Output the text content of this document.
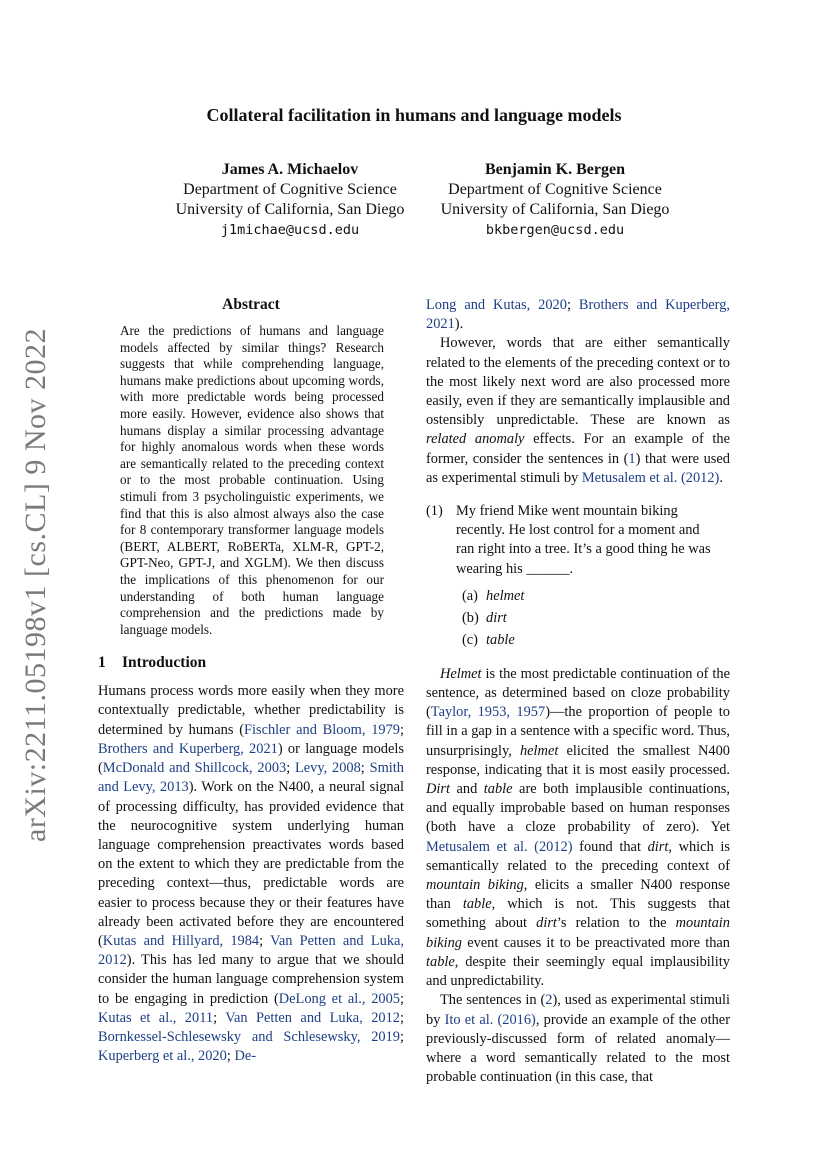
arXiv:2211.05198v1 [cs.CL] 9 Nov 2022
Collateral facilitation in humans and language models
James A. Michaelov
Department of Cognitive Science
University of California, San Diego
j1michae@ucsd.edu
Benjamin K. Bergen
Department of Cognitive Science
University of California, San Diego
bkbergen@ucsd.edu
Abstract

Are the predictions of humans and language models affected by similar things? Research suggests that while comprehending language, humans make predictions about upcoming words, with more predictable words being processed more easily. However, evidence also shows that humans display a similar processing advantage for highly anomalous words when these words are semantically related to the preceding context or to the most probable continuation. Using stimuli from 3 psycholinguistic experiments, we find that this is also almost always also the case for 8 contemporary transformer language models (BERT, ALBERT, RoBERTa, XLM-R, GPT-2, GPT-Neo, GPT-J, and XGLM). We then discuss the implications of this phenomenon for our understanding of both human language comprehension and the predictions made by language models.

1 Introduction

Humans process words more easily when they more contextually predictable, whether predictability is determined by humans (Fischler and Bloom, 1979; Brothers and Kuperberg, 2021) or language models (McDonald and Shillcock, 2003; Levy, 2008; Smith and Levy, 2013). Work on the N400, a neural signal of processing difficulty, has provided evidence that the neurocognitive system underlying human language comprehension preactivates words based on the extent to which they are predictable from the preceding context—thus, predictable words are easier to process because they or their features have already been activated before they are encountered (Kutas and Hillyard, 1984; Van Petten and Luka, 2012). This has led many to argue that we should consider the human language comprehension system to be engaging in prediction (DeLong et al., 2005; Kutas et al., 2011; Van Petten and Luka, 2012; Bornkessel-Schlesewsky and Schlesewsky, 2019; Kuperberg et al., 2020; De-

Long and Kutas, 2020; Brothers and Kuperberg, 2021).

However, words that are either semantically related to the elements of the preceding context or to the most likely next word are also processed more easily, even if they are semantically implausible and ostensibly unpredictable. These are known as related anomaly effects. For an example of the former, consider the sentences in (1) that were used as experimental stimuli by Metusalem et al. (2012).

(1) My friend Mike went mountain biking recently. He lost control for a moment and ran right into a tree. It’s a good thing he was wearing his ______.
(a) helmet
(b) dirt
(c) table

Helmet is the most predictable continuation of the sentence, as determined based on cloze probability (Taylor, 1953, 1957)—the proportion of people to fill in a gap in a sentence with a specific word. Thus, unsurprisingly, helmet elicited the smallest N400 response, indicating that it is most easily processed. Dirt and table are both implausible continuations, and equally improbable based on human responses (both have a cloze probability of zero). Yet Metusalem et al. (2012) found that dirt, which is semantically related to the preceding context of mountain biking, elicits a smaller N400 response than table, which is not. This suggests that something about dirt’s relation to the mountain biking event causes it to be preactivated more than table, despite their seemingly equal implausibility and unpredictability.

The sentences in (2), used as experimental stimuli by Ito et al. (2016), provide an example of the other previously-discussed form of related anomaly—where a word semantically related to the most probable continuation (in this case, that
